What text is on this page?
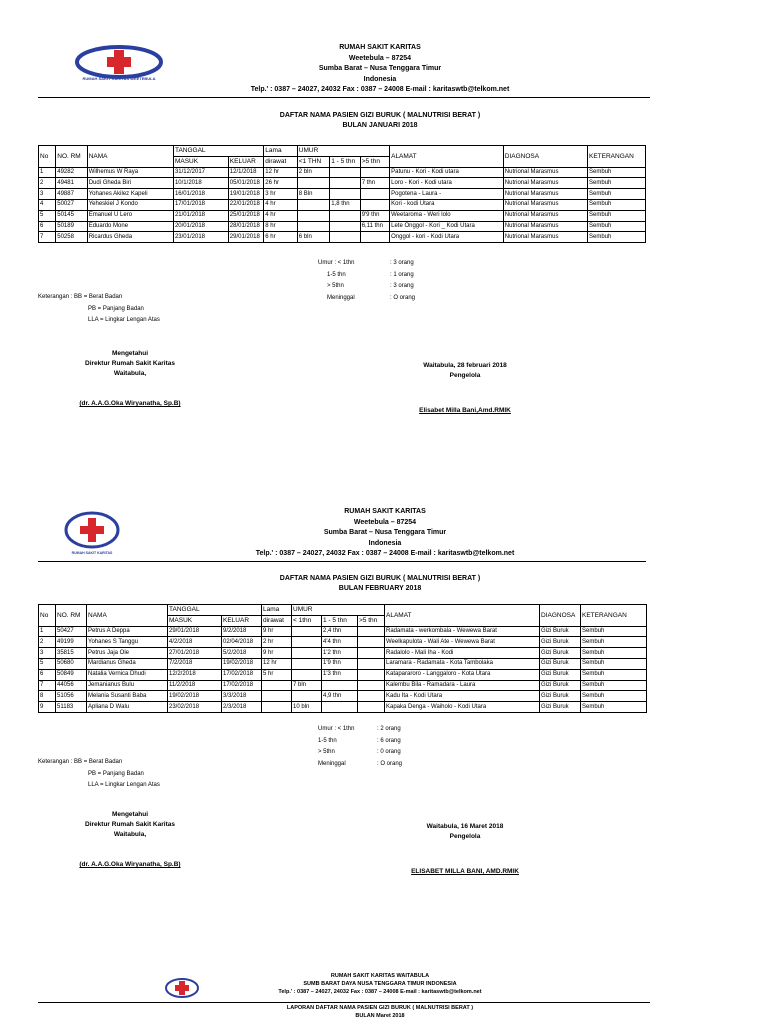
RUMAH SAKIT KARITAS WEETEBULA
RUMAH SAKIT KARITAS
Weetebula – 87254
Sumba Barat – Nusa Tenggara Timur
Indonesia
Telp.' : 0387 – 24027, 24032 Fax : 0387 – 24008 E-mail : karitaswtb@telkom.net
DAFTAR NAMA PASIEN GIZI BURUK ( MALNUTRISI BERAT )
BULAN JANUARI 2018
No	NO. RM	NAMA	TANGGAL		Lama	UMUR			ALAMAT	DIAGNOSA	KETERANGAN
			MASUK	KELUAR	dirawat	<1 THN	1 - 5 thn	>5 thn			
1	49282	Wilhemus W Raya	31/12/2017	12/1/2018	12 hr	2 bln			Patunu - Kori - Kodi utara	Nutrional Marasmus	Sembuh
2	49481	Dudi Gheda Biri	10/1/2018	05/01/2018	26 hr			7 thn	Loro - Kori - Kodi utara	Nutrional Marasmus	Sembuh
3	49887	Yohanes Akilez Kapeli	16/01/2018	19/01/2018	3 hr	8 Bln			Pogotena - Laura -	Nutrional Marasmus	Sembuh
4	50027	Yeheskiel J Kondo	17/01/2018	22/01/2018	4 hr		1,8 thn		Kori - kodi Utara	Nutrional Marasmus	Sembuh
5	50145	Emanuel U Lero	21/01/2018	25/01/2018	4 hr			9'9 thn	Weetaroma - Weri lolo	Nutrional Marasmus	Sembuh
6	50189	Eduardo Mone	20/01/2018	28/01/2018	8 hr			6,11 thn	Lete Onggol - Kori _ Kodi Utara	Nutrional Marasmus	Sembuh
7	50258	Ricardus Gheda	23/01/2018	29/01/2018	6 hr	6 bln			Onggol - kori - Kodi Utara	Nutrional Marasmus	Sembuh
Umur : < 1thn	: 3 orang
1-5 thn	: 1 orang
> 5thn	: 3 orang
Meninggal	: O orang
Keterangan : BB = Berat Badan
PB = Panjang Badan
LLA = Lingkar Lengan Atas
Mengetahui
Direktur Rumah Sakit Karitas
Waitabula,
(dr. A.A.G.Oka Wiryanatha, Sp.B)
Waitabula, 28 februari 2018
Pengelola
Elisabet Milla Bani,Amd.RMIK
RUMAH SAKIT KARITAS
RUMAH SAKIT KARITAS
Weetebula – 87254
Sumba Barat – Nusa Tenggara Timur
Indonesia
Telp.' : 0387 – 24027, 24032 Fax : 0387 – 24008 E-mail : karitaswtb@telkom.net
DAFTAR NAMA PASIEN GIZI BURUK ( MALNUTRISI BERAT )
BULAN FEBRUARY 2018
No	NO. RM	NAMA	TANGGAL		Lama	UMUR			ALAMAT	DIAGNOSA	KETERANGAN
			MASUK	KELUAR	dirawat	< 1thn	1 - 5 thn	>5 thn			
1	50427	Petrus A Deppa	29/01/2018	9/2/2018	9 hr		2,4 thn		Radamata - werkombala - Wewewa Barat	Gizi Buruk	Sembuh
2	49199	Yohanes S Tanggu	4/2/2018	02/04/2018	2 hr		4'4 thn		Weelkapulota - Wali Ate - Wewewa Barat	Gizi Buruk	Sembuh
3	35815	Petrus Jaja Ole	27/01/2018	5/2/2018	9 hr		1'2 thn		Radalolo - Mali Iha - Kodi	Gizi Buruk	Sembuh
5	50680	Mardianus Gheda	7/2/2018	19/02/2018	12 hr		1'9 thn		Laramara - Radamata - Kota Tambolaka	Gizi Buruk	Sembuh
6	50849	Natalia Vernica Dhudi	12/2/2018	17/02/2018	5 hr		1'3 thn		Katapararoro - Langgaloro - Kota Utara	Gizi Buruk	Sembuh
7	44056	Jemanianus Bulu	11/2/2018	17/02/2018		7 bln			Kalembu Bila - Ramadara - Laura	Gizi Buruk	Sembuh
8	51056	Melania Susanti Baba	19/02/2018	3/3/2018			4,9 thn		Kadu Ita - Kodi Utara	Gizi Buruk	Sembuh
9	51183	Apliana D Walu	23/02/2018	2/3/2018		10 bln			Kapaka Denga - Waiholo - Kodi Utara	Gizi Buruk	Sembuh
Umur : < 1thn	: 2 orang
1-5 thn	: 6 orang
> 5thn	: 0 orang
Meninggal	: O orang
Keterangan : BB = Berat Badan
PB = Panjang Badan
LLA = Lingkar Lengan Atas
Mengetahui
Direktur Rumah Sakit Karitas
Waitabula,
(dr. A.A.G.Oka Wiryanatha, Sp.B)
Waitabula, 16 Maret 2018
Pengelola
ELISABET MILLA BANI, AMD.RMIK
RUMAH SAKIT KARITAS WAITABULA
SUMB BARAT DAYA NUSA TENGGARA TIMUR INDONESIA
Telp.' : 0387 – 24027, 24032 Fax : 0387 – 24008 E-mail : karitaswtb@telkom.net
LAPORAN DAFTAR NAMA PASIEN GIZI BURUK ( MALNUTRISI BERAT )
BULAN Maret 2018
